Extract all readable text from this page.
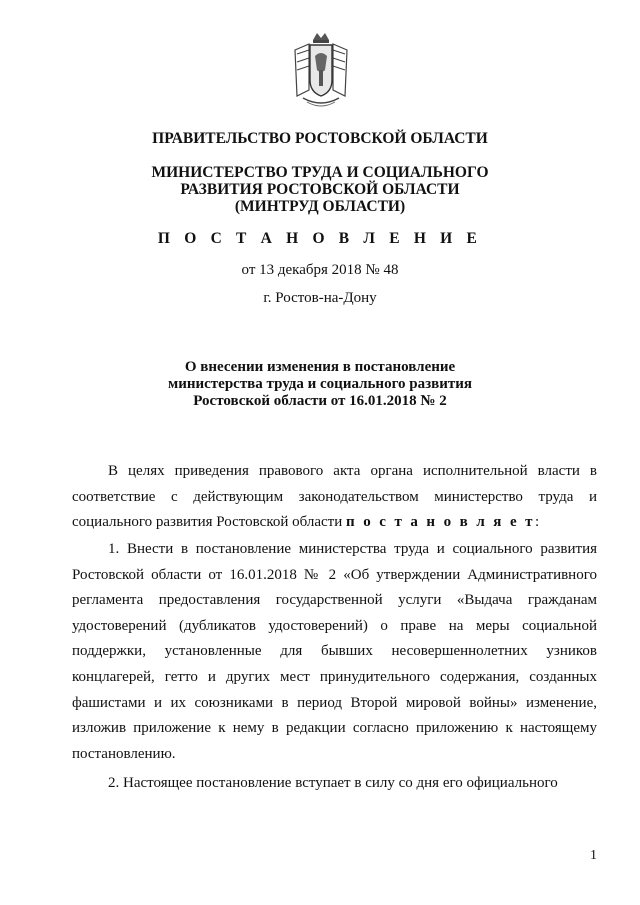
ПРАВИТЕЛЬСТВО РОСТОВСКОЙ ОБЛАСТИ
МИНИСТЕРСТВО ТРУДА И СОЦИАЛЬНОГО
РАЗВИТИЯ РОСТОВСКОЙ ОБЛАСТИ
(МИНТРУД ОБЛАСТИ)
П О С Т А Н О В Л Е Н И Е
от 13 декабря 2018 № 48
г. Ростов-на-Дону
О внесении изменения в постановление
министерства труда и социального развития
Ростовской области от 16.01.2018 № 2

В целях приведения правового акта органа исполнительной власти в соответствие с действующим законодательством министерство труда и социального развития Ростовской области п о с т а н о в л я е т:

1. Внести в постановление министерства труда и социального развития Ростовской области от 16.01.2018 № 2 «Об утверждении Административного регламента предоставления государственной услуги «Выдача гражданам удостоверений (дубликатов удостоверений) о праве на меры социальной поддержки, установленные для бывших несовершеннолетних узников концлагерей, гетто и других мест принудительного содержания, созданных фашистами и их союзниками в период Второй мировой войны» изменение, изложив приложение к нему в редакции согласно приложению к настоящему постановлению.

2. Настоящее постановление вступает в силу со дня его официального

1
